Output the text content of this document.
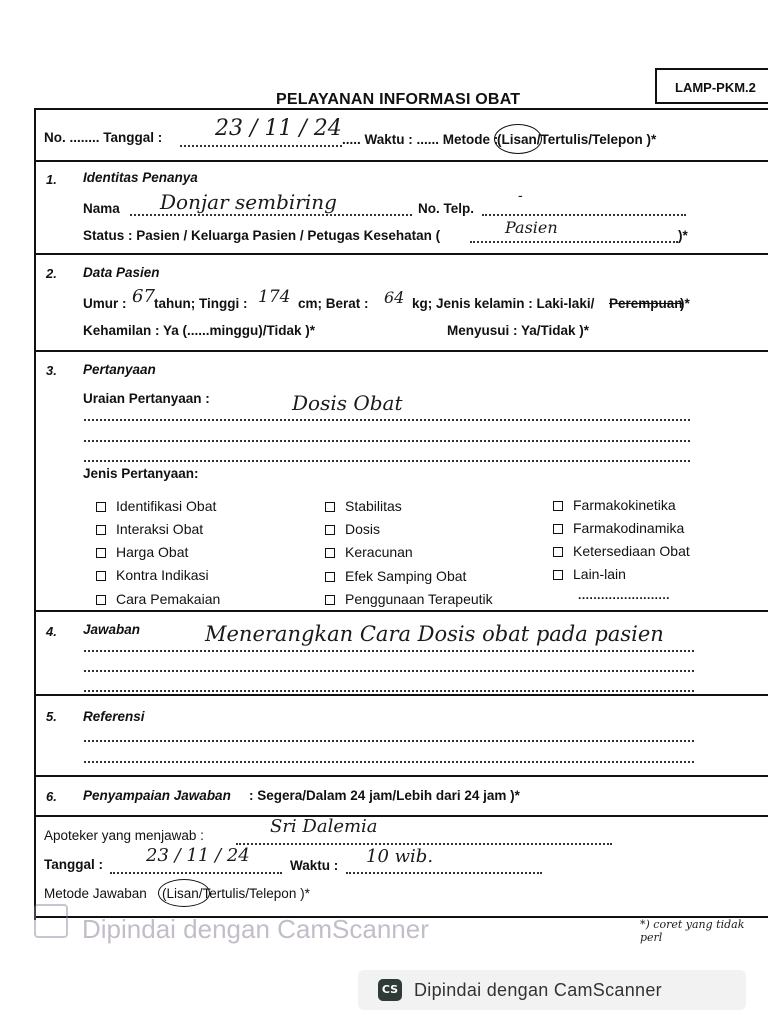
LAMP-PKM.2
PELAYANAN INFORMASI OBAT
No. ........ Tanggal : 23 / 11 / 24 ..... Waktu : ...... Metode :
(Lisan/Tertulis/Telepon )*
1. Identitas Penanya
Nama Donjar sembiring	No. Telp.
-
Status : Pasien / Keluarga Pasien / Petugas Kesehatan (	Pasien	)*
2. Data Pasien
Umur : 67 tahun; Tinggi : 174 cm; Berat : 64 kg; Jenis kelamin : Laki-laki/ Perempuan
)*
Kehamilan : Ya (......minggu)/Tidak )*	Menyusui : Ya/Tidak )*
3. Pertanyaan
Uraian Pertanyaan :	Dosis Obat
Jenis Pertanyaan:
Identifikasi Obat
Interaksi Obat
Harga Obat
Kontra Indikasi
Cara Pemakaian
Stabilitas
Dosis
Keracunan
Efek Samping Obat
Penggunaan Terapeutik
Farmakokinetika
Farmakodinamika
Ketersediaan Obat
Lain-lain
........................
4. Jawaban	Menerangkan Cara Dosis obat pada pasien
5. Referensi
6. Penyampaian Jawaban : Segera/Dalam 24 jam/Lebih dari 24 jam )*
Apoteker yang menjawab :	Sri Dalemia
Tanggal : 23 / 11 / 24	Waktu : 10 wib.
Metode Jawaban (Lisan/Tertulis/Telepon )*
*) coret yang tidak perl
Dipindai dengan CamScanner
CS Dipindai dengan CamScanner
